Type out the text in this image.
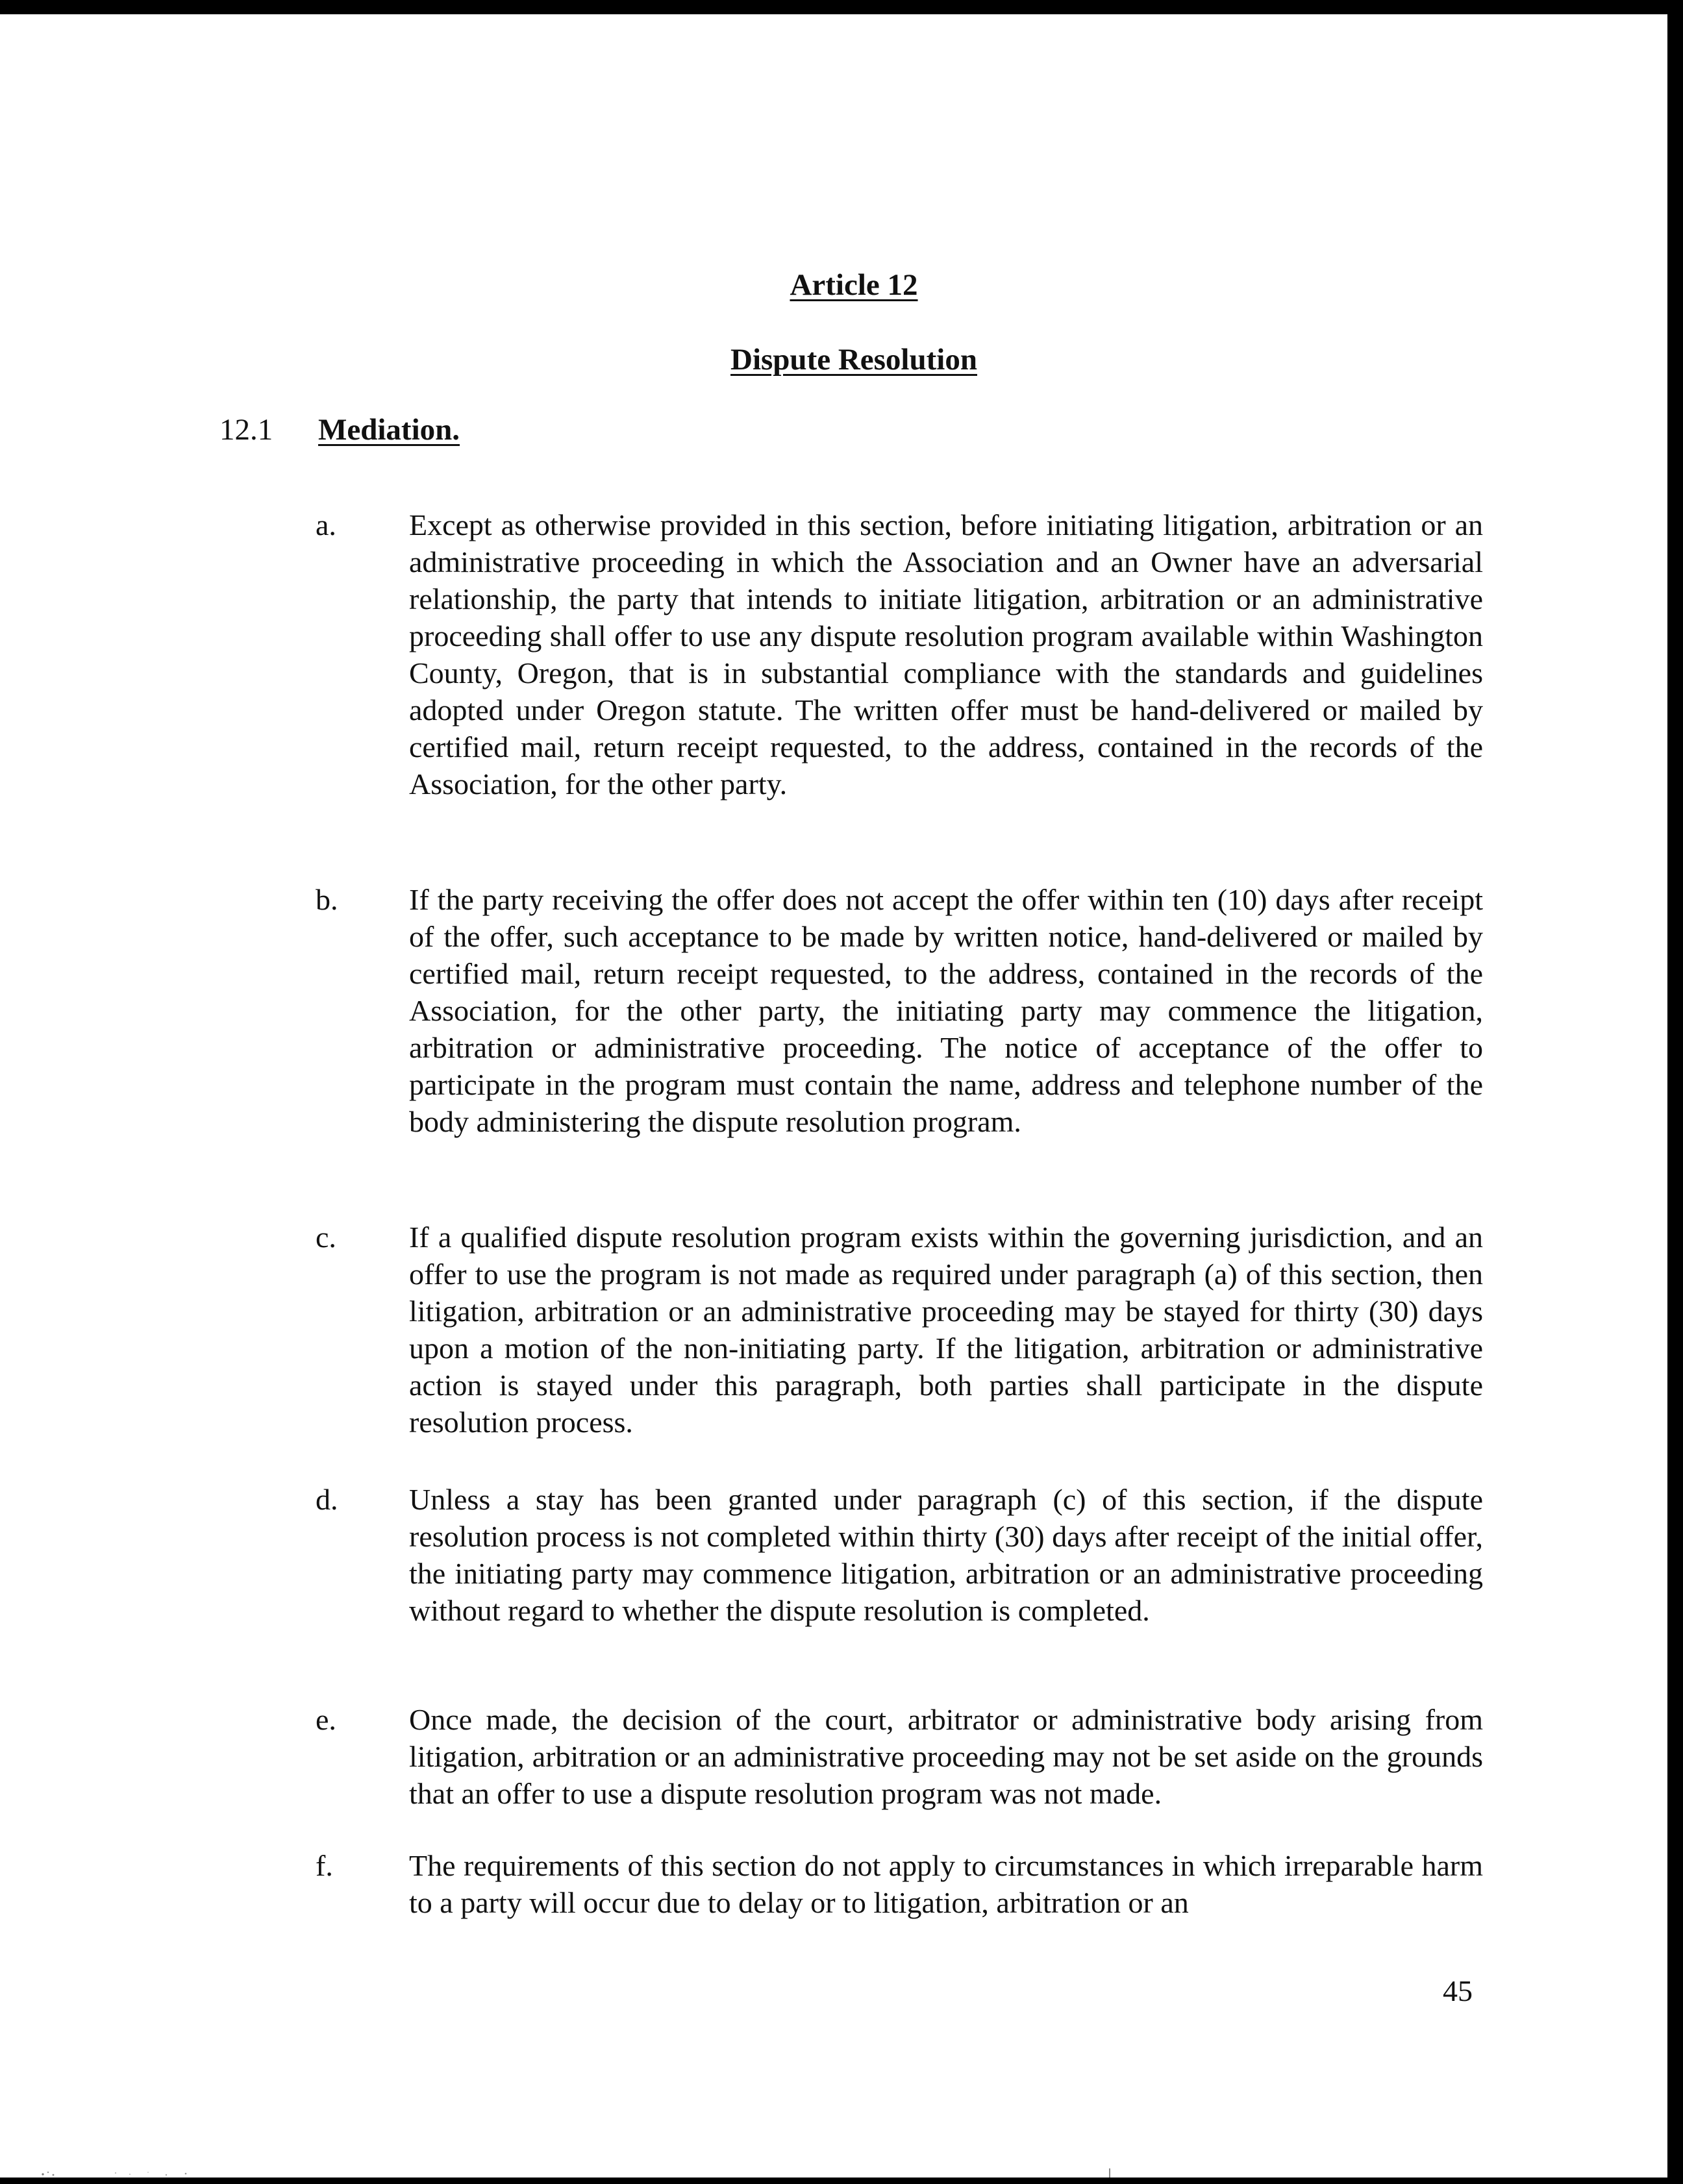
Article 12
Dispute Resolution
12.1 Mediation.
a. Except as otherwise provided in this section, before initiating litigation, arbitration or an administrative proceeding in which the Association and an Owner have an adversarial relationship, the party that intends to initiate litigation, arbitration or an administrative proceeding shall offer to use any dispute resolution program available within Washington County, Oregon, that is in substantial compliance with the standards and guidelines adopted under Oregon statute. The written offer must be hand-delivered or mailed by certified mail, return receipt requested, to the address, contained in the records of the Association, for the other party.

b. If the party receiving the offer does not accept the offer within ten (10) days after receipt of the offer, such acceptance to be made by written notice, hand-delivered or mailed by certified mail, return receipt requested, to the address, contained in the records of the Association, for the other party, the initiating party may commence the litigation, arbitration or administrative proceeding. The notice of acceptance of the offer to participate in the program must contain the name, address and telephone number of the body administering the dispute resolution program.

c. If a qualified dispute resolution program exists within the governing jurisdiction, and an offer to use the program is not made as required under paragraph (a) of this section, then litigation, arbitration or an administrative proceeding may be stayed for thirty (30) days upon a motion of the non-initiating party. If the litigation, arbitration or administrative action is stayed under this paragraph, both parties shall participate in the dispute resolution process.

d. Unless a stay has been granted under paragraph (c) of this section, if the dispute resolution process is not completed within thirty (30) days after receipt of the initial offer, the initiating party may commence litigation, arbitration or an administrative proceeding without regard to whether the dispute resolution is completed.

e. Once made, the decision of the court, arbitrator or administrative body arising from litigation, arbitration or an administrative proceeding may not be set aside on the grounds that an offer to use a dispute resolution program was not made.

f.	The requirements of this section do not apply to circumstances in which irreparable harm to a party will occur due to delay or to litigation, arbitration or an

45
